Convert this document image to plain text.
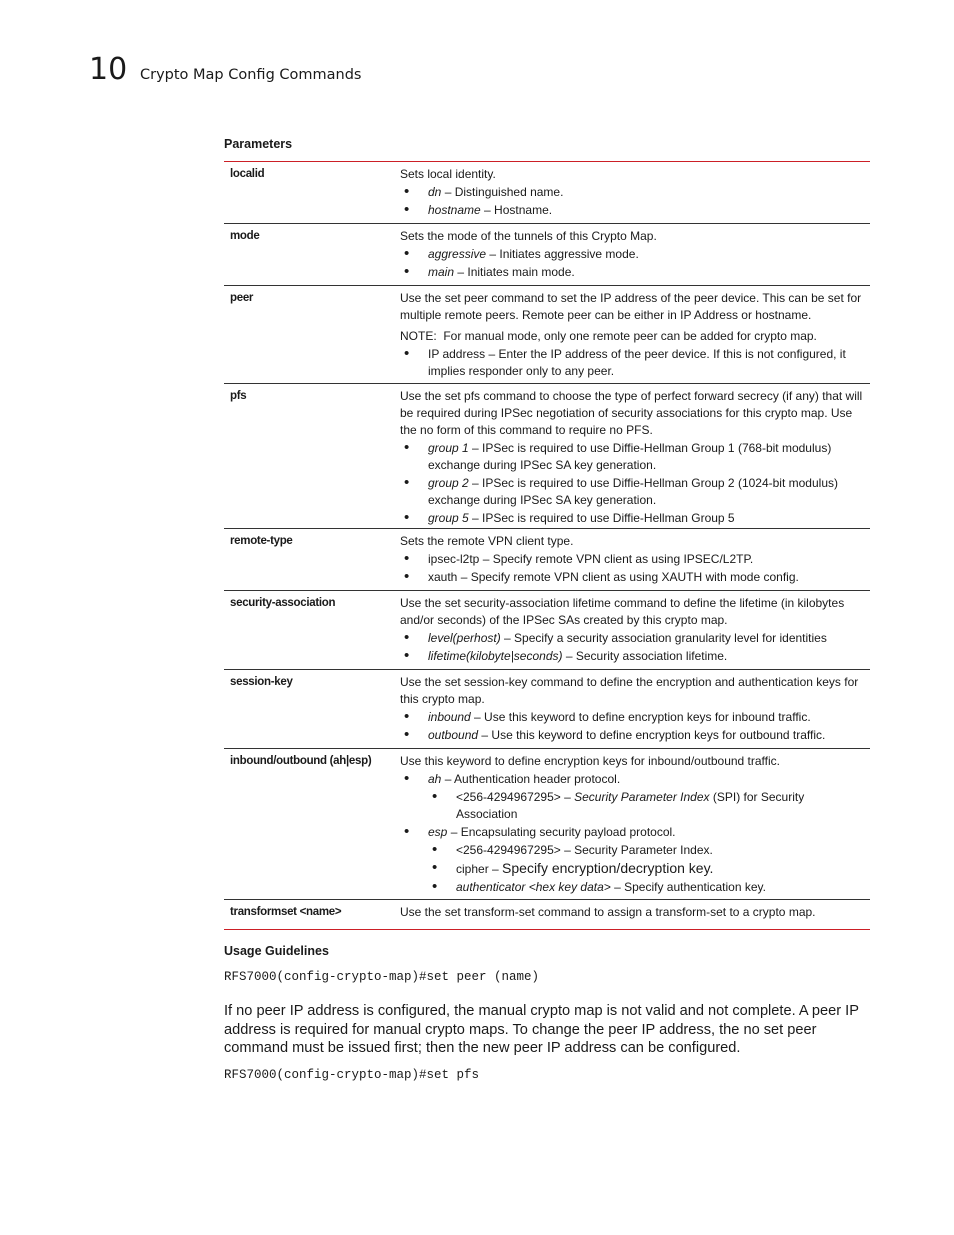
10 Crypto Map Config Commands
Parameters
localid	Sets local identity.

• dn – Distinguished name.
• hostname – Hostname.
mode	Sets the mode of the tunnels of this Crypto Map.

• aggressive – Initiates aggressive mode.
• main – Initiates main mode.
peer	Use the set peer command to set the IP address of the peer device. This can be set for multiple remote peers. Remote peer can be either in IP Address or hostname.

NOTE: For manual mode, only one remote peer can be added for crypto map.

• IP address – Enter the IP address of the peer device. If this is not configured, it implies responder only to any peer.
pfs	Use the set pfs command to choose the type of perfect forward secrecy (if any) that will be required during IPSec negotiation of security associations for this crypto map. Use the no form of this command to require no PFS.

• group 1 – IPSec is required to use Diffie-Hellman Group 1 (768-bit modulus) exchange during IPSec SA key generation.
• group 2 – IPSec is required to use Diffie-Hellman Group 2 (1024-bit modulus) exchange during IPSec SA key generation.
• group 5 – IPSec is required to use Diffie-Hellman Group 5
remote-type	Sets the remote VPN client type.

• ipsec-l2tp – Specify remote VPN client as using IPSEC/L2TP.
• xauth – Specify remote VPN client as using XAUTH with mode config.
security-association	Use the set security-association lifetime command to define the lifetime (in kilobytes and/or seconds) of the IPSec SAs created by this crypto map.

• level(perhost) – Specify a security association granularity level for identities
• lifetime(kilobyte|seconds) – Security association lifetime.
session-key	Use the set session-key command to define the encryption and authentication keys for this crypto map.

• inbound – Use this keyword to define encryption keys for inbound traffic.
• outbound – Use this keyword to define encryption keys for outbound traffic.
inbound/outbound (ah|esp)	Use this keyword to define encryption keys for inbound/outbound traffic.

• ah – Authentication header protocol.
• <256-4294967295> – Security Parameter Index (SPI) for Security Association
• esp – Encapsulating security payload protocol.
• <256-4294967295> – Security Parameter Index.
• cipher – Specify encryption/decryption key.
• authenticator <hex key data> – Specify authentication key.
transformset <name>	Use the set transform-set command to assign a transform-set to a crypto map.

Usage Guidelines
RFS7000(config-crypto-map)#set peer (name)

If no peer IP address is configured, the manual crypto map is not valid and not complete. A peer IP address is required for manual crypto maps. To change the peer IP address, the no set peer command must be issued first; then the new peer IP address can be configured.

RFS7000(config-crypto-map)#set pfs
